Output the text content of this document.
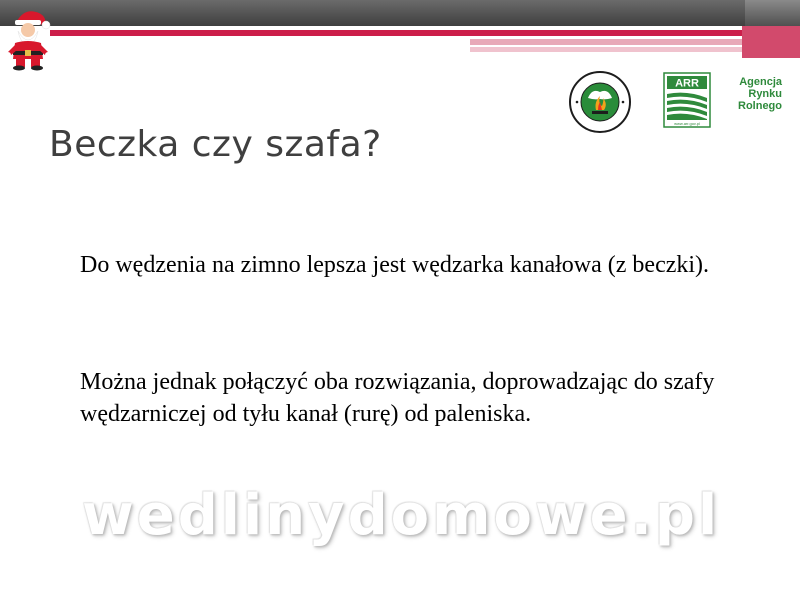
ARR
www.arr.gov.pl
Agencja
Rynku
Rolnego
Beczka czy szafa?
Do wędzenia na zimno lepsza jest wędzarka kanałowa (z beczki).
Można jednak połączyć oba rozwiązania, doprowadzając do szafy wędzarniczej od tyłu kanał (rurę) od paleniska.
wedlinydomowe.pl
